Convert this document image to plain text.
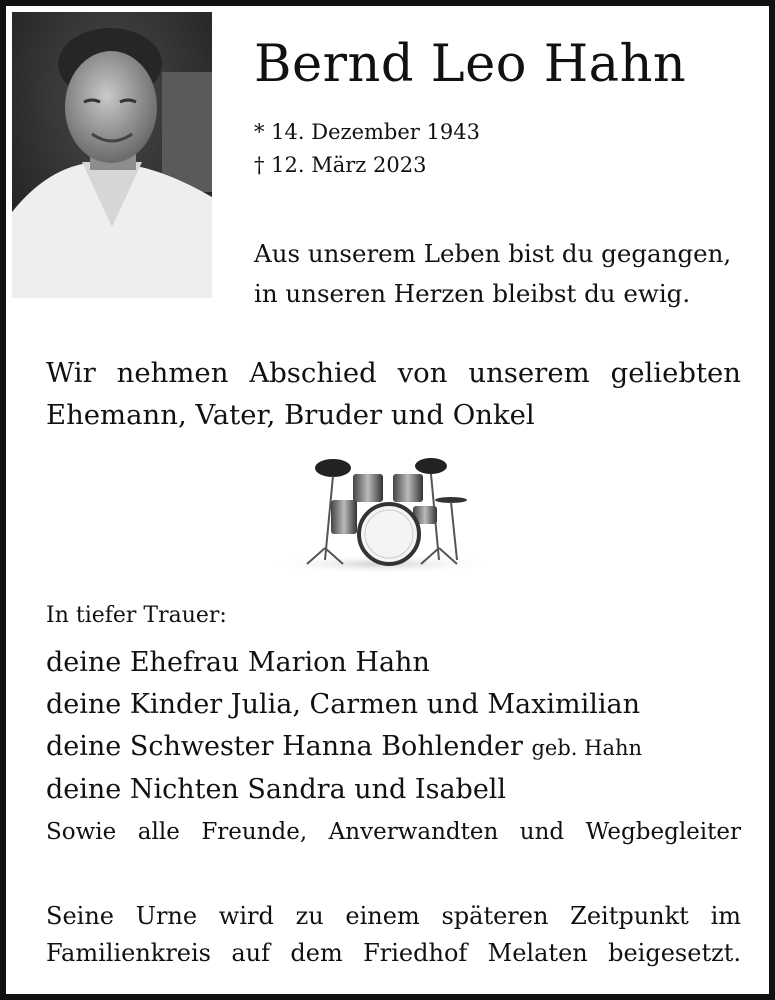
Bernd Leo Hahn
* 14. Dezember 1943
† 12. März 2023
Aus unserem Leben bist du gegangen,
in unseren Herzen bleibst du ewig.
Wir nehmen Abschied von unserem geliebten Ehemann, Vater, Bruder und Onkel
In tiefer Trauer:
deine Ehefrau Marion Hahn
deine Kinder Julia, Carmen und Maximilian
deine Schwester Hanna Bohlender geb. Hahn
deine Nichten Sandra und Isabell
Sowie alle Freunde, Anverwandten und Wegbegleiter
Seine Urne wird zu einem späteren Zeitpunkt im Familienkreis auf dem Friedhof Melaten beigesetzt.
